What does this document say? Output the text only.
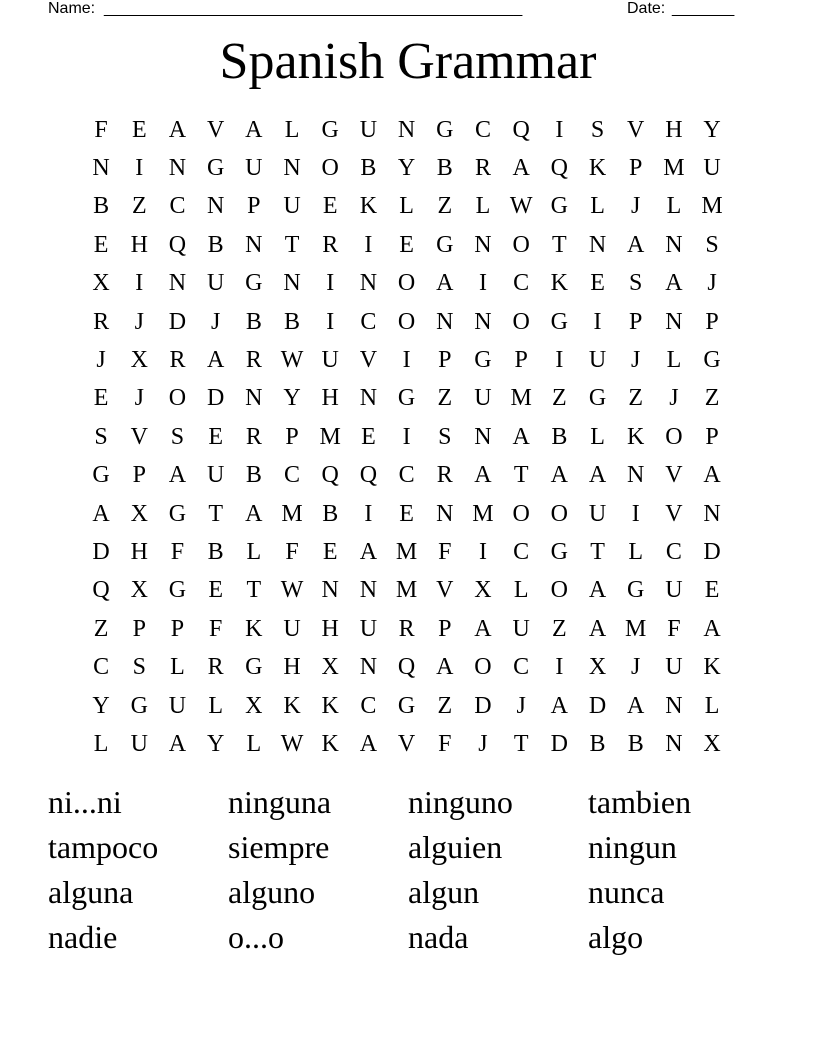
Name: _______________________________________________	Date: _______
Spanish Grammar
F	E A V A L G U N G C Q	I	S V H Y
N	I	N G U N O B Y B R A Q K P M U
B Z C N P U E K L Z L W G L	J	L M
E H Q B N T R	I	E G N O T N A N S
X	I	N U G N	I	N O A	I	C K E	S A	J
R	J	D	J	B B	I	C O N N O G	I	P N P
J	X R A R W U V	I	P G P	I	U	J	L G
E	J	O D N Y H N G Z U M Z G Z	J	Z
S V S	E R P M E	I	S N A B L K O P
G P A U B C Q Q C R A T A A N V A
A X G T A M B	I	E N M O O U	I	V N
D H F B L	F	E A M F	I	C G T L C D
Q X G E T W N N M V X L O A G U E
Z	P	P	F K U H U R P A U Z A M F A
C S	L R G H X N Q A O C	I	X	J	U K
Y G U L X K K C G Z D	J	A D A N L
L U A Y L W K A V F	J	T D B B N X
ni...ni	ninguna	ninguno	tambien
tampoco	siempre	alguien	ningun
alguna	alguno	algun	nunca
nadie	o...o	nada	algo
